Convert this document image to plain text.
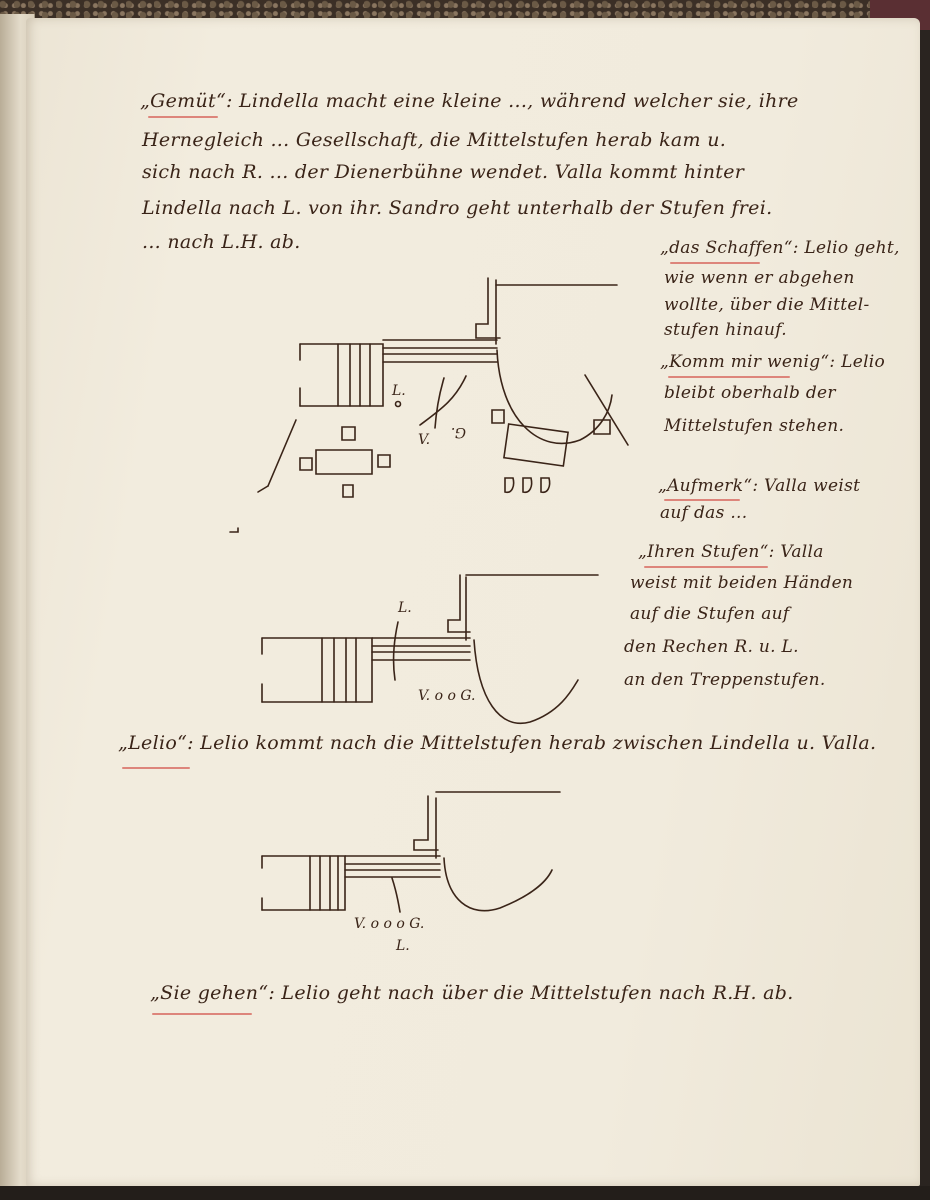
„Gemüt“: Lindella macht eine kleine ..., während welcher sie, ihre
Hernegleich ... Gesellschaft, die Mittelstufen herab kam u.
sich nach R. ... der Dienerbühne wendet. Valla kommt hinter
Lindella nach L. von ihr. Sandro geht unterhalb der Stufen frei.
... nach L.H. ab.	„das Schaffen“: Lelio geht,
wie wenn er abgehen
wollte, über die Mittel-
stufen hinauf.
„Komm mir wenig“: Lelio
bleibt oberhalb der
Mittelstufen stehen.
„Aufmerk“: Valla weist
auf das ...
„Ihren Stufen“: Valla
weist mit beiden Händen
auf die Stufen auf
den Rechen R. u. L.
an den Treppenstufen.
„Lelio“: Lelio kommt nach die Mittelstufen herab zwischen Lindella u. Valla.
„Sie gehen“: Lelio geht nach über die Mittelstufen nach R.H. ab.
L.
V. G.
L.
V. o o G.
V. o o o G.
L.
